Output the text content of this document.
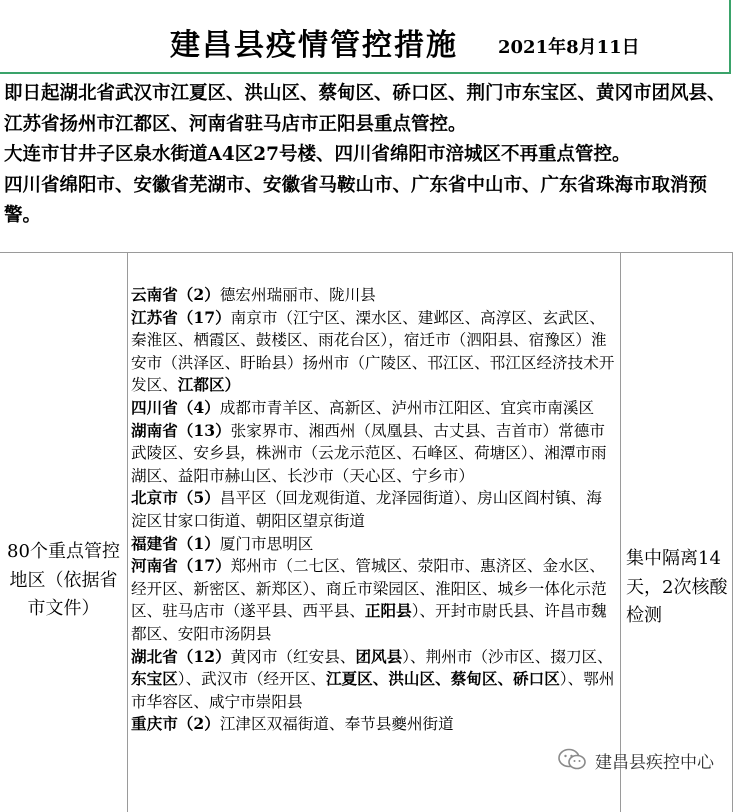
建昌县疫情管控措施 2021年8月11日

即日起湖北省武汉市江夏区、洪山区、蔡甸区、硚口区、荆门市东宝区、黄冈市团风县、江苏省扬州市江都区、河南省驻马店市正阳县重点管控。

大连市甘井子区泉水街道A4区27号楼、四川省绵阳市涪城区不再重点管控。

四川省绵阳市、安徽省芜湖市、安徽省马鞍山市、广东省中山市、广东省珠海市取消预警。

80个重点管控地区（依据省市文件）

云南省（2）德宏州瑞丽市、陇川县

江苏省（17）南京市（江宁区、溧水区、建邺区、高淳区、玄武区、秦淮区、栖霞区、鼓楼区、雨花台区），宿迁市（泗阳县、宿豫区）淮安市（洪泽区、盱眙县）扬州市（广陵区、邗江区、邗江区经济技术开发区、江都区）

四川省（4）成都市青羊区、高新区、泸州市江阳区、宜宾市南溪区

湖南省（13）张家界市、湘西州（凤凰县、古丈县、吉首市）常德市武陵区、安乡县，株洲市（云龙示范区、石峰区、荷塘区）、湘潭市雨湖区、益阳市赫山区、长沙市（天心区、宁乡市）

北京市（5）昌平区（回龙观街道、龙泽园街道）、房山区阎村镇、海淀区甘家口街道、朝阳区望京街道

福建省（1）厦门市思明区

河南省（17）郑州市（二七区、管城区、荥阳市、惠济区、金水区、经开区、新密区、新郑区）、商丘市梁园区、淮阳区、城乡一体化示范区、驻马店市（遂平县、西平县、正阳县）、开封市尉氏县、许昌市魏都区、安阳市汤阴县

湖北省（12）黄冈市（红安县、团风县）、荆州市（沙市区、掇刀区、东宝区）、武汉市（经开区、江夏区、洪山区、蔡甸区、硚口区）、鄂州市华容区、咸宁市崇阳县

重庆市（2）江津区双福街道、奉节县夔州街道

集中隔离14天，2次核酸检测
建昌县疾控中心
